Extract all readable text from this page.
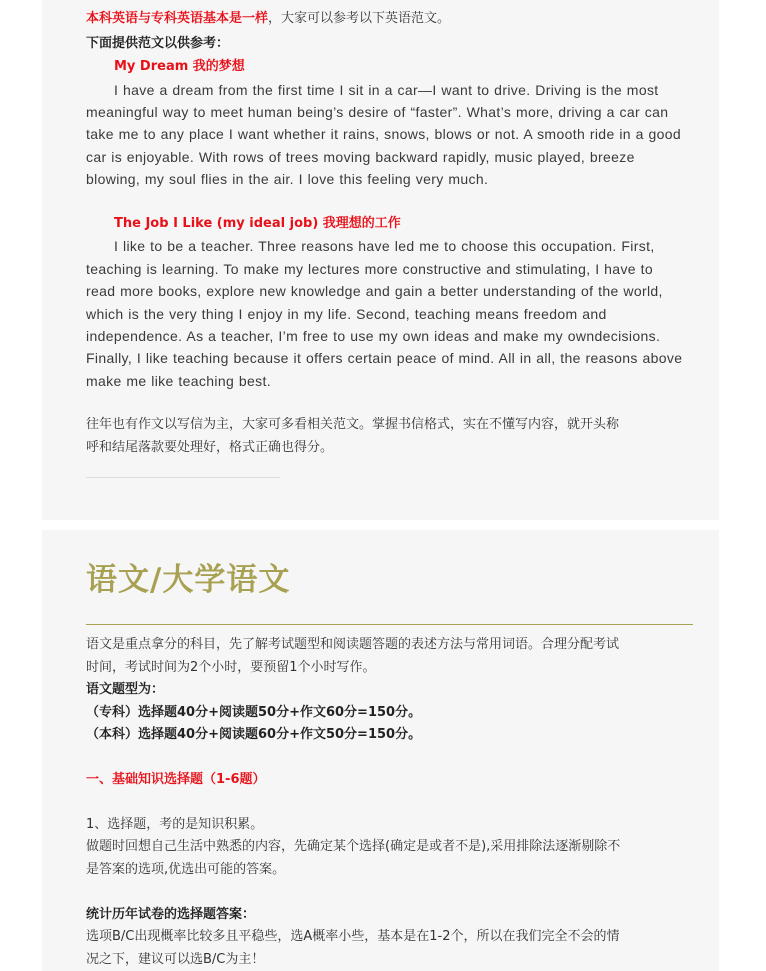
本科英语与专科英语基本是一样，大家可以参考以下英语范文。
下面提供范文以供参考：
My Dream 我的梦想
I have a dream from the first time I sit in a car—I want to drive. Driving is the most
meaningful way to meet human being’s desire of “faster”. What’s more, driving a car can
take me to any place I want whether it rains, snows, blows or not. A smooth ride in a good
car is enjoyable. With rows of trees moving backward rapidly, music played, breeze
blowing, my soul flies in the air. I love this feeling very much.
The Job I Like (my ideal job) 我理想的工作
I like to be a teacher. Three reasons have led me to choose this occupation. First,
teaching is learning. To make my lectures more constructive and stimulating, I have to
read more books, explore new knowledge and gain a better understanding of the world,
which is the very thing I enjoy in my life. Second, teaching means freedom and
independence. As a teacher, I’m free to use my own ideas and make my owndecisions.
Finally, I like teaching because it offers certain peace of mind. All in all, the reasons above
make me like teaching best.
往年也有作文以写信为主，大家可多看相关范文。掌握书信格式，实在不懂写内容，就开头称
呼和结尾落款要处理好，格式正确也得分。
语文/大学语文
语文是重点拿分的科目，先了解考试题型和阅读题答题的表述方法与常用词语。合理分配考试
时间，考试时间为2个小时，要预留1个小时写作。
语文题型为：
（专科）选择题40分+阅读题50分+作文60分=150分。
（本科）选择题40分+阅读题60分+作文50分=150分。
一、基础知识选择题（1-6题）
1、选择题，考的是知识积累。
做题时回想自己生活中熟悉的内容，先确定某个选择(确定是或者不是),采用排除法逐渐剔除不
是答案的选项,优选出可能的答案。
统计历年试卷的选择题答案：
选项B/C出现概率比较多且平稳些，选A概率小些，基本是在1-2个，所以在我们完全不会的情
况之下，建议可以选B/C为主！
